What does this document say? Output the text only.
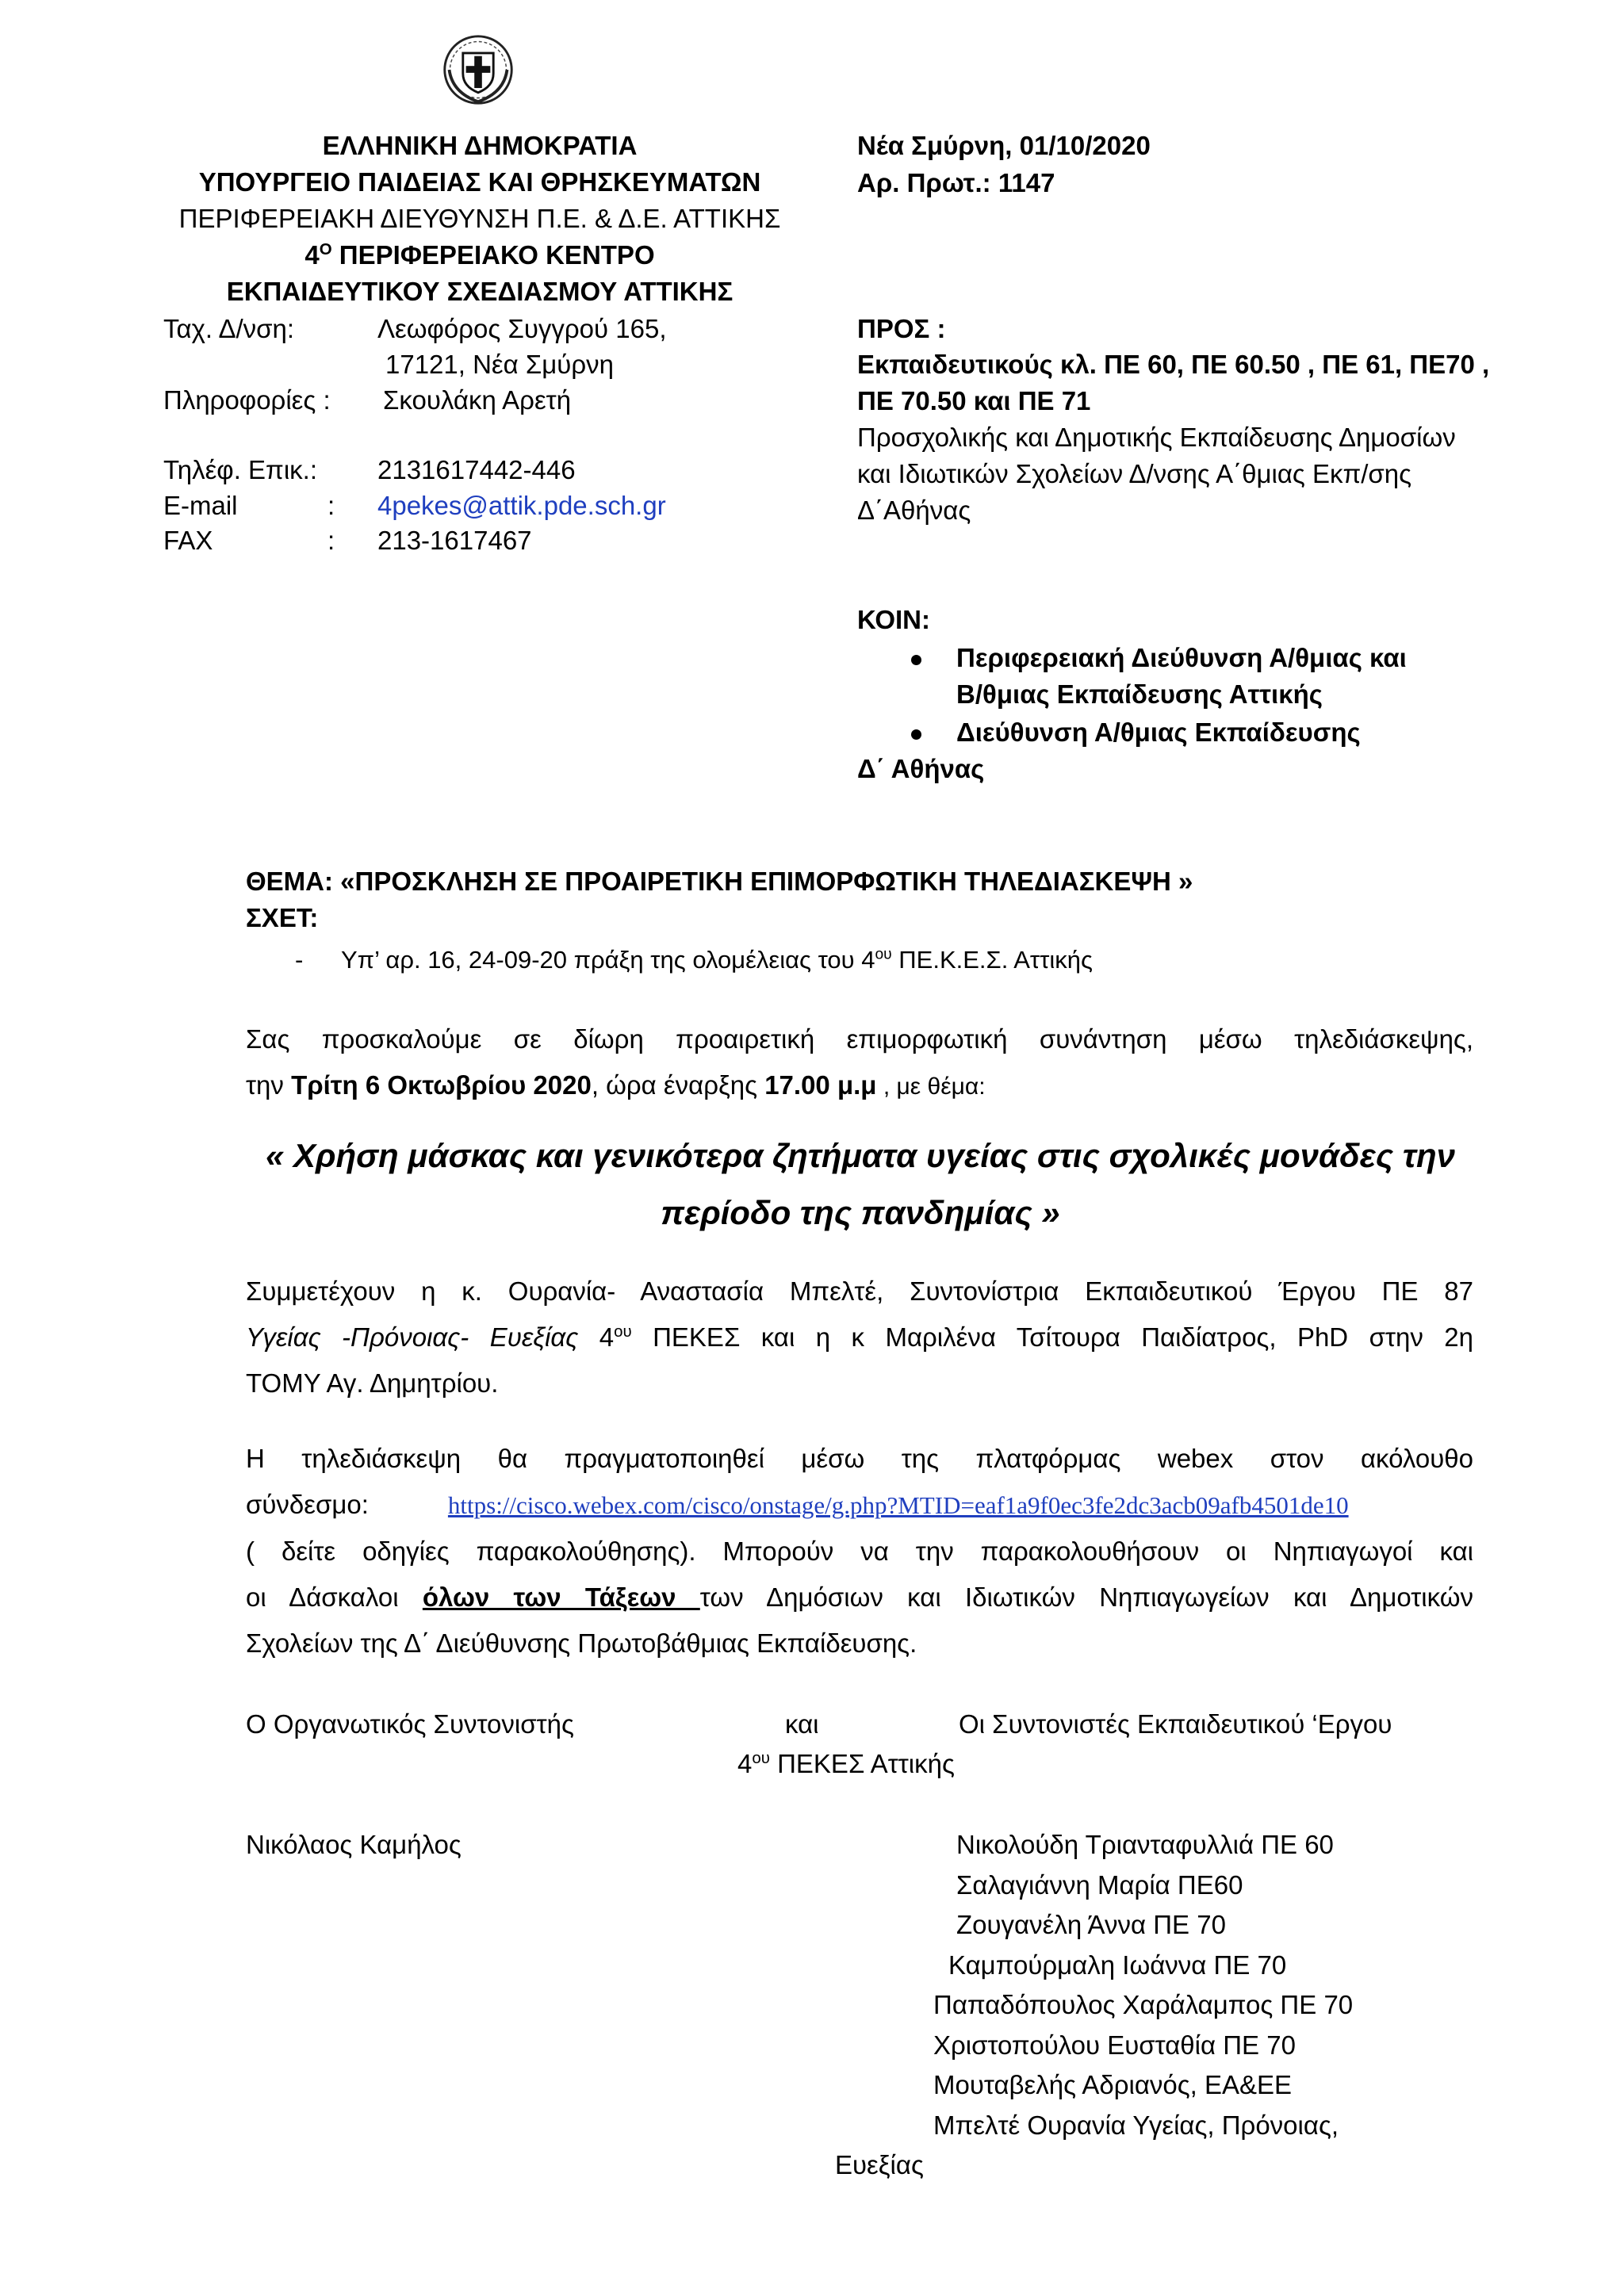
ΕΛΛΗΝΙΚΗ ΔΗΜΟΚΡΑΤΙΑ
ΥΠΟΥΡΓΕΙΟ ΠΑΙΔΕΙΑΣ ΚΑΙ ΘΡΗΣΚΕΥΜΑΤΩΝ
ΠΕΡΙΦΕΡΕΙΑΚΗ ΔΙΕΥΘΥΝΣΗ Π.Ε. & Δ.Ε. ΑΤΤΙΚΗΣ
$4^O$ ΠΕΡΙΦΕΡΕΙΑΚΟ ΚΕΝΤΡΟ
ΕΚΠΑΙΔΕΥΤΙΚΟΥ ΣΧΕΔΙΑΣΜΟΥ ΑΤΤΙΚΗΣ
Ταχ. Δ/νση:	Λεωφόρος Συγγρού 165,
17121, Νέα Σμύρνη
Πληροφορίες : Σκουλάκη Αρετή
Τηλέφ. Επικ.: 2131617442-446
E-mail	: 4pekes@attik.pde.sch.gr
FAX	: 213-1617467
Νέα Σμύρνη, 01/10/2020
Αρ. Πρωτ.: 1147
ΠΡΟΣ :
Εκπαιδευτικούς κλ. ΠΕ 60, ΠΕ 60.50 , ΠΕ 61, ΠΕ70 ,
ΠΕ 70.50 και ΠΕ 71
Προσχολικής και Δημοτικής Εκπαίδευσης Δημοσίων
και Ιδιωτικών Σχολείων Δ/νσης Α΄θμιας Εκπ/σης
Δ΄Αθήνας
ΚΟΙΝ:
Περιφερειακή Διεύθυνση Α/θμιας και
Β/θμιας Εκπαίδευσης Αττικής
Διεύθυνση Α/θμιας Εκπαίδευσης
Δ΄ Αθήνας
ΘΕΜΑ: «ΠΡΟΣΚΛΗΣΗ ΣΕ ΠΡΟΑΙΡΕΤΙΚΗ ΕΠΙΜΟΡΦΩΤΙΚΗ ΤΗΛΕΔΙΑΣΚΕΨΗ »
ΣΧΕΤ:
- Υπ’ αρ. 16, 24-09-20 πράξη της ολομέλειας του $4^{o\upsilon}$ ΠΕ.Κ.Ε.Σ. Αττικής
Σας προσκαλούμε σε δίωρη προαιρετική επιμορφωτική συνάντηση μέσω τηλεδιάσκεψης,
την Τρίτη 6 Οκτωβρίου 2020, ώρα έναρξης 17.00 μ.μ , με θέμα:
« Χρήση μάσκας και γενικότερα ζητήματα υγείας στις σχολικές μονάδες την
περίοδο της πανδημίας »
Συμμετέχουν η κ. Ουρανία- Αναστασία Μπελτέ, Συντονίστρια Εκπαιδευτικού Έργου ΠΕ 87
Υγείας -Πρόνοιας- Ευεξίας $4^{o\upsilon}$ ΠΕΚΕΣ και η κ Μαριλένα Τσίτουρα Παιδίατρος, PhD στην 2η
ΤΟΜΥ Αγ. Δημητρίου.
Η τηλεδιάσκεψη θα πραγματοποιηθεί μέσω της πλατφόρμας webex στον ακόλουθο
σύνδεσμο:	https://cisco.webex.com/cisco/onstage/g.php?MTID=eaf1a9f0ec3fe2dc3acb09afb4501de10
( δείτε οδηγίες παρακολούθησης). Μπορούν να την παρακολουθήσουν οι Νηπιαγωγοί και
οι Δάσκαλοι όλων των Τάξεων των Δημόσιων και Ιδιωτικών Νηπιαγωγείων και Δημοτικών
Σχολείων της Δ΄ Διεύθυνσης Πρωτοβάθμιας Εκπαίδευσης.
Ο Οργανωτικός Συντονιστής	και	Οι Συντονιστές Εκπαιδευτικού ‘Εργου
$4^{o\upsilon}$ ΠΕΚΕΣ Αττικής
Νικόλαος Καμήλος	Νικολούδη Τριανταφυλλιά ΠΕ 60
Σαλαγιάννη Μαρία ΠΕ60
Ζουγανέλη Άννα ΠΕ 70
Καμπούρμαλη Ιωάννα ΠΕ 70
Παπαδόπουλος Χαράλαμπος ΠΕ 70
Χριστοπούλου Ευσταθία ΠΕ 70
Μουταβελής Αδριανός, ΕΑ&ΕΕ
Μπελτέ Ουρανία Υγείας, Πρόνοιας,
Ευεξίας
